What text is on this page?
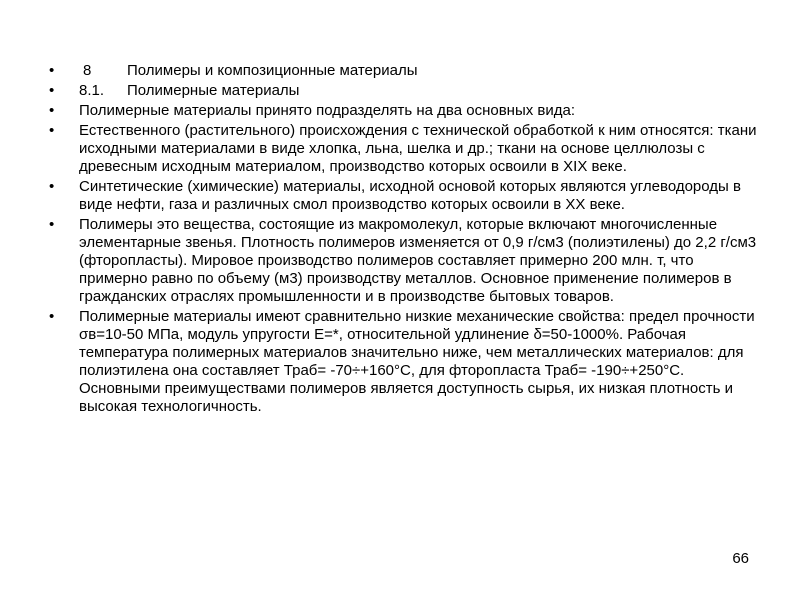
•	8 Полимеры и композиционные материалы
•	8.1. Полимерные материалы
•	Полимерные материалы принято подразделять на два основных вида:
•	Естественного (растительного) происхождения с технической обработкой к ним относятся: ткани исходными материалами в виде хлопка, льна, шелка и др.; ткани на основе целлюлозы с древесным исходным материалом, производство которых освоили в XIX веке.
•	Синтетические (химические) материалы, исходной основой которых являются углеводороды в виде нефти, газа и различных смол производство которых освоили в XX веке.
•	Полимеры это вещества, состоящие из макромолекул, которые включают многочисленные элементарные звенья. Плотность полимеров изменяется от 0,9 г/см3 (полиэтилены) до 2,2 г/см3 (фторопласты). Мировое производство полимеров составляет примерно 200 млн. т, что примерно равно по объему (м3) производству металлов. Основное применение полимеров в гражданских отраслях промышленности и в производстве бытовых товаров.
•	Полимерные материалы имеют сравнительно низкие механические свойства: предел прочности σв=10-50 МПа, модуль упругости Е=*, относительной удлинение δ=50-1000%. Рабочая температура полимерных материалов значительно ниже, чем металлических материалов: для полиэтилена она составляет Траб= -70÷+160°С, для фторопласта Траб= -190÷+250°С. Основными преимуществами полимеров является доступность сырья, их низкая плотность и высокая технологичность.
66
